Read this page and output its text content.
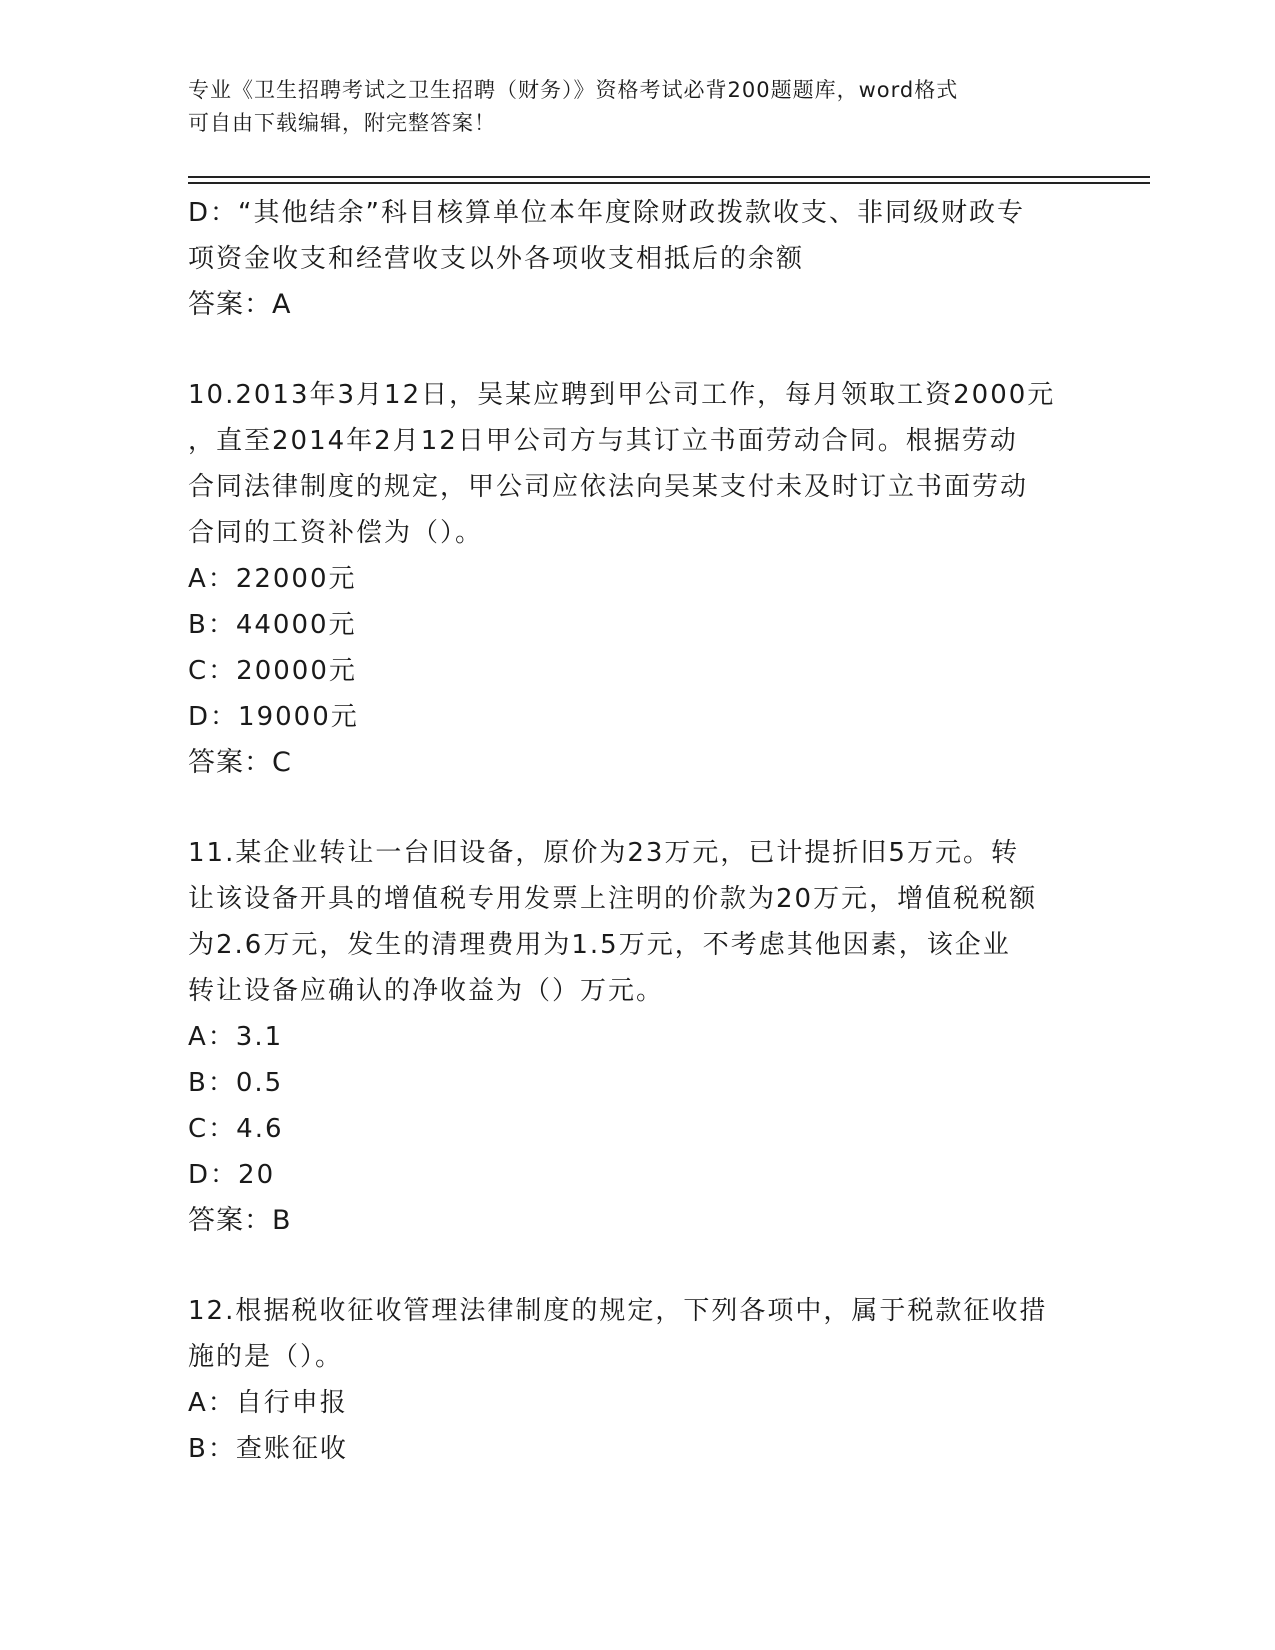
专业《卫生招聘考试之卫生招聘（财务）》资格考试必背200题题库，word格式
可自由下载编辑，附完整答案！
D：“其他结余”科目核算单位本年度除财政拨款收支、非同级财政专
项资金收支和经营收支以外各项收支相抵后的余额
答案：A
10.2013年3月12日，吴某应聘到甲公司工作，每月领取工资2000元
，直至2014年2月12日甲公司方与其订立书面劳动合同。根据劳动
合同法律制度的规定，甲公司应依法向吴某支付未及时订立书面劳动
合同的工资补偿为（）。
A：22000元
B：44000元
C：20000元
D：19000元
答案：C
11.某企业转让一台旧设备，原价为23万元，已计提折旧5万元。转
让该设备开具的增值税专用发票上注明的价款为20万元，增值税税额
为2.6万元，发生的清理费用为1.5万元，不考虑其他因素，该企业
转让设备应确认的净收益为（）万元。
A：3.1
B：0.5
C：4.6
D：20
答案：B
12.根据税收征收管理法律制度的规定，下列各项中，属于税款征收措
施的是（）。
A：自行申报
B：查账征收
